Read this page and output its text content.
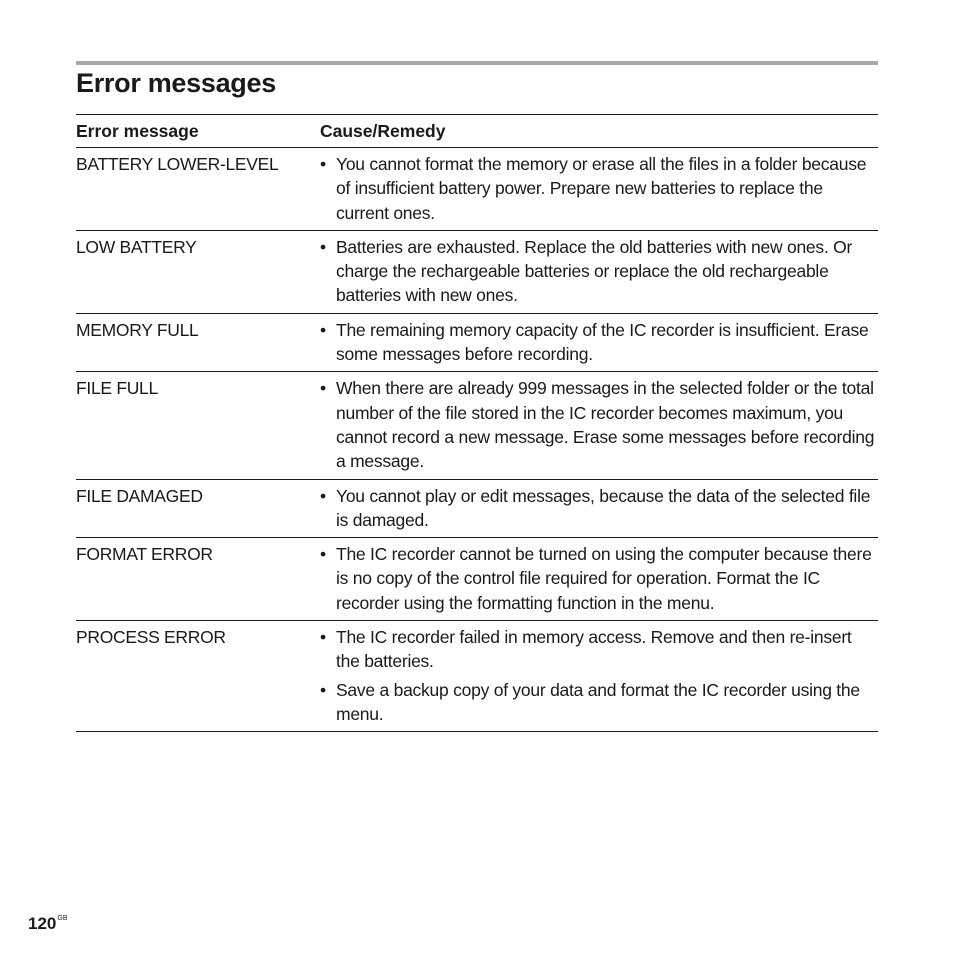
Error messages
Error message	Cause/Remedy
BATTERY LOWER-LEVEL	• You cannot format the memory or erase all the files in a folder because of insufficient battery power. Prepare new batteries to replace the current ones.
LOW BATTERY	• Batteries are exhausted. Replace the old batteries with new ones. Or charge the rechargeable batteries or replace the old rechargeable batteries with new ones.
MEMORY FULL	• The remaining memory capacity of the IC recorder is insufficient. Erase some messages before recording.
FILE FULL	• When there are already 999 messages in the selected folder or the total number of the file stored in the IC recorder becomes maximum, you cannot record a new message. Erase some messages before recording a message.
FILE DAMAGED	• You cannot play or edit messages, because the data of the selected file is damaged.
FORMAT ERROR	• The IC recorder cannot be turned on using the computer because there is no copy of the control file required for operation. Format the IC recorder using the formatting function in the menu.
PROCESS ERROR	• The IC recorder failed in memory access. Remove and then re-insert the batteries.
• Save a backup copy of your data and format the IC recorder using the menu.
$120^{GB}$
